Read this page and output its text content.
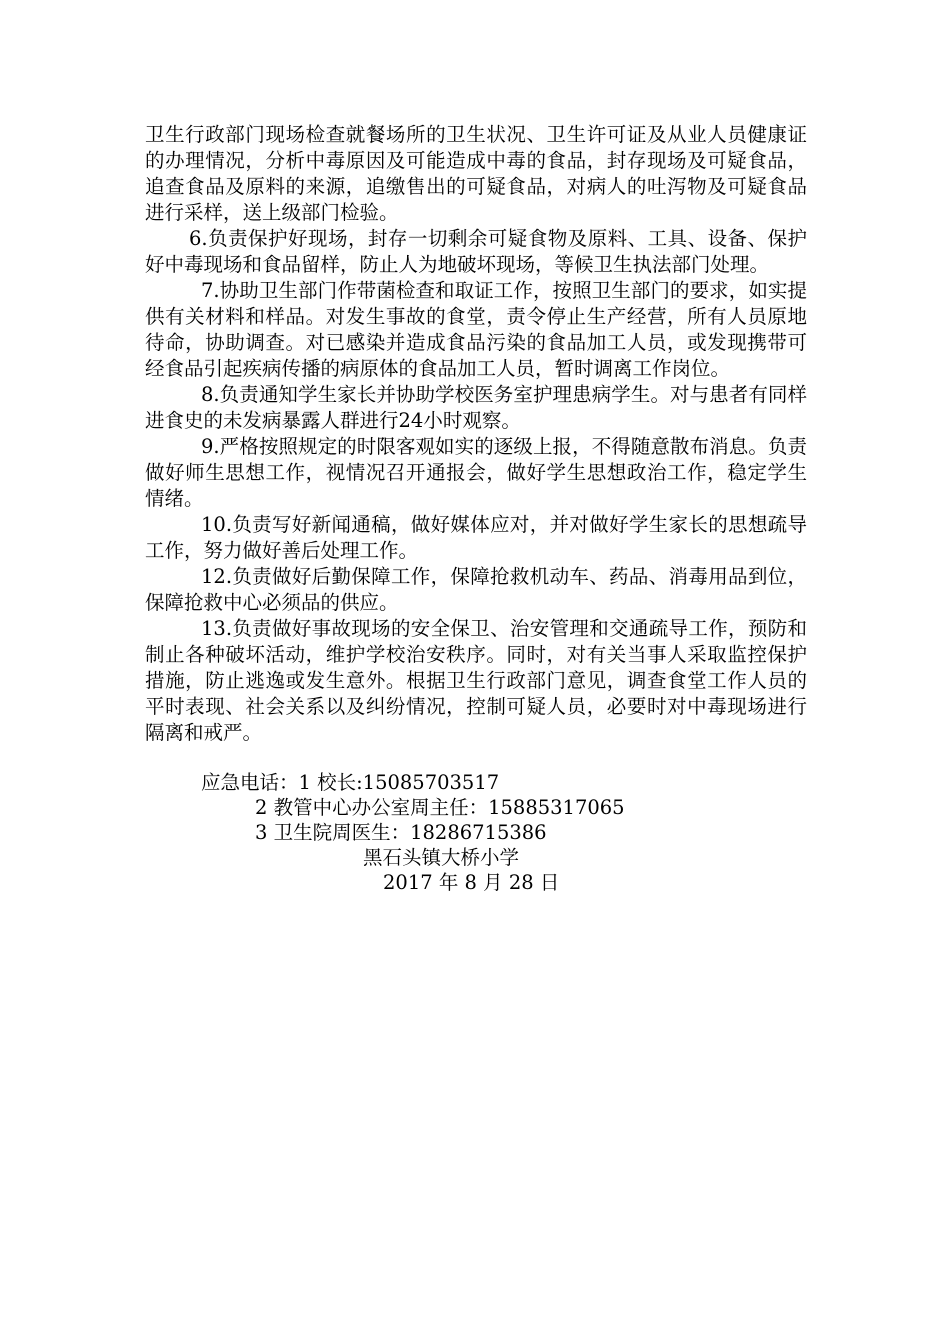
卫生行政部门现场检查就餐场所的卫生状况、卫生许可证及从业人员健康证的办理情况，分析中毒原因及可能造成中毒的食品，封存现场及可疑食品，追查食品及原料的来源，追缴售出的可疑食品，对病人的吐泻物及可疑食品进行采样，送上级部门检验。

6.负责保护好现场，封存一切剩余可疑食物及原料、工具、设备、保护好中毒现场和食品留样，防止人为地破坏现场，等候卫生执法部门处理。

7.协助卫生部门作带菌检查和取证工作，按照卫生部门的要求，如实提供有关材料和样品。对发生事故的食堂，责令停止生产经营，所有人员原地待命，协助调查。对已感染并造成食品污染的食品加工人员，或发现携带可经食品引起疾病传播的病原体的食品加工人员，暂时调离工作岗位。

8.负责通知学生家长并协助学校医务室护理患病学生。对与患者有同样进食史的未发病暴露人群进行24小时观察。

9.严格按照规定的时限客观如实的逐级上报，不得随意散布消息。负责做好师生思想工作，视情况召开通报会，做好学生思想政治工作，稳定学生情绪。

10.负责写好新闻通稿，做好媒体应对，并对做好学生家长的思想疏导工作，努力做好善后处理工作。

12.负责做好后勤保障工作，保障抢救机动车、药品、消毒用品到位，保障抢救中心必须品的供应。

13.负责做好事故现场的安全保卫、治安管理和交通疏导工作，预防和制止各种破坏活动，维护学校治安秩序。同时，对有关当事人采取监控保护措施，防止逃逸或发生意外。根据卫生行政部门意见，调查食堂工作人员的平时表现、社会关系以及纠纷情况，控制可疑人员，必要时对中毒现场进行隔离和戒严。

应急电话：1 校长:15085703517

2 教管中心办公室周主任：15885317065

3 卫生院周医生：18286715386

黑石头镇大桥小学

2017 年 8 月 28 日
